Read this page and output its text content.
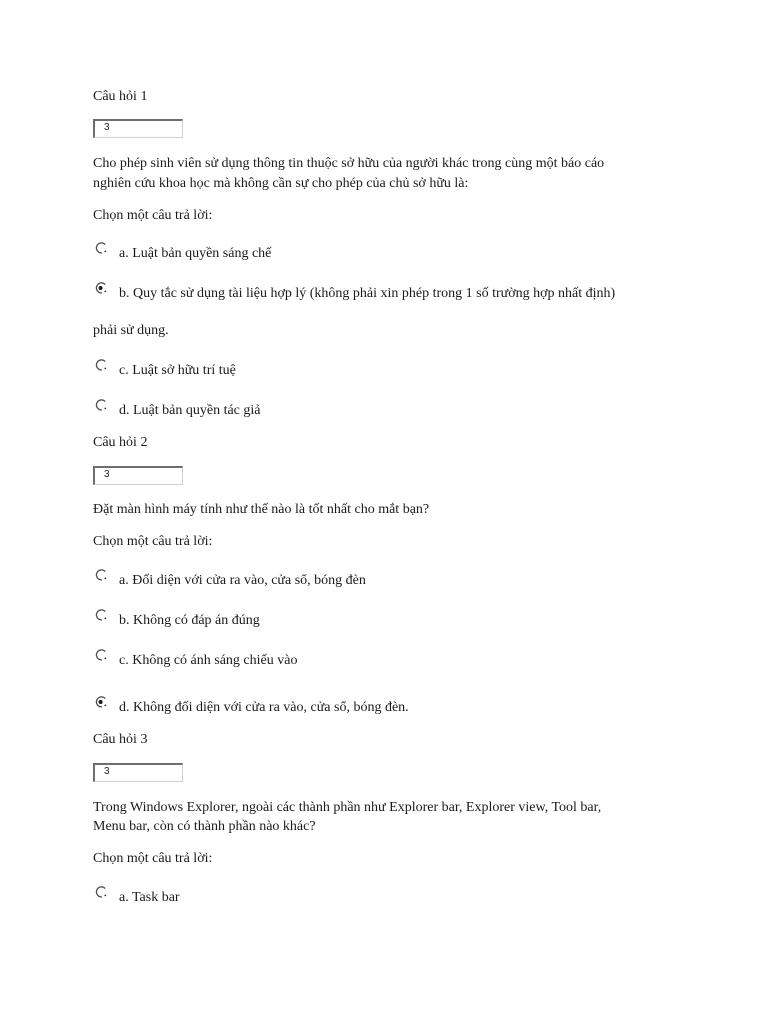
Câu hỏi 1
3
Cho phép sinh viên sử dụng thông tin thuộc sở hữu của người khác trong cùng một báo cáo
nghiên cứu khoa học mà không cần sự cho phép của chủ sở hữu là:
Chọn một câu trả lời:
a. Luật bản quyền sáng chế
b. Quy tắc sử dụng tài liệu hợp lý (không phải xin phép trong 1 số trường hợp nhất định)
phải sử dụng.
c. Luật sở hữu trí tuệ
d. Luật bản quyền tác giả
Câu hỏi 2
3
Đặt màn hình máy tính như thế nào là tốt nhất cho mắt bạn?
Chọn một câu trả lời:
a. Đối diện với cửa ra vào, cửa sổ, bóng đèn
b. Không có đáp án đúng
c. Không có ánh sáng chiếu vào
d. Không đối diện với cửa ra vào, cửa sổ, bóng đèn.
Câu hỏi 3
3
Trong Windows Explorer, ngoài các thành phần như Explorer bar, Explorer view, Tool bar,
Menu bar, còn có thành phần nào khác?
Chọn một câu trả lời:
a. Task bar
